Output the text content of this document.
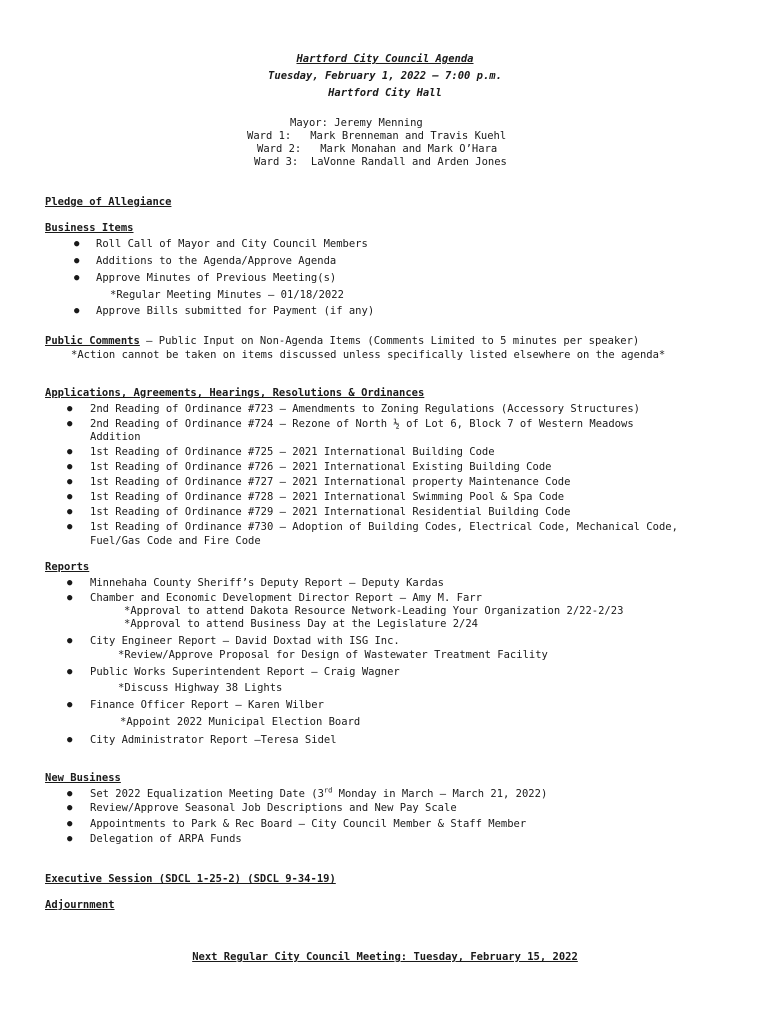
Hartford City Council Agenda
Tuesday, February 1, 2022 – 7:00 p.m.
Hartford City Hall
Mayor: Jeremy Menning
Ward 1:   Mark Brenneman and Travis Kuehl
Ward 2:   Mark Monahan and Mark O’Hara
Ward 3:  LaVonne Randall and Arden Jones
Pledge of Allegiance
Business Items
● Roll Call of Mayor and City Council Members
● Additions to the Agenda/Approve Agenda
● Approve Minutes of Previous Meeting(s)
*Regular Meeting Minutes – 01/18/2022
● Approve Bills submitted for Payment (if any)
Public Comments – Public Input on Non-Agenda Items (Comments Limited to 5 minutes per speaker)
*Action cannot be taken on items discussed unless specifically listed elsewhere on the agenda*
Applications, Agreements, Hearings, Resolutions & Ordinances
● 2nd Reading of Ordinance #723 – Amendments to Zoning Regulations (Accessory Structures)
● 2nd Reading of Ordinance #724 – Rezone of North ½ of Lot 6, Block 7 of Western Meadows
Addition
● 1st Reading of Ordinance #725 – 2021 International Building Code
● 1st Reading of Ordinance #726 – 2021 International Existing Building Code
● 1st Reading of Ordinance #727 – 2021 International property Maintenance Code
● 1st Reading of Ordinance #728 – 2021 International Swimming Pool & Spa Code
● 1st Reading of Ordinance #729 – 2021 International Residential Building Code
● 1st Reading of Ordinance #730 – Adoption of Building Codes, Electrical Code, Mechanical Code,
Fuel/Gas Code and Fire Code
Reports
● Minnehaha County Sheriff’s Deputy Report – Deputy Kardas
● Chamber and Economic Development Director Report – Amy M. Farr
*Approval to attend Dakota Resource Network-Leading Your Organization 2/22-2/23
*Approval to attend Business Day at the Legislature 2/24
● City Engineer Report – David Doxtad with ISG Inc.
*Review/Approve Proposal for Design of Wastewater Treatment Facility
● Public Works Superintendent Report – Craig Wagner
*Discuss Highway 38 Lights
● Finance Officer Report – Karen Wilber
*Appoint 2022 Municipal Election Board
● City Administrator Report –Teresa Sidel
New Business
● Set 2022 Equalization Meeting Date (3rd Monday in March – March 21, 2022)
● Review/Approve Seasonal Job Descriptions and New Pay Scale
● Appointments to Park & Rec Board – City Council Member & Staff Member
● Delegation of ARPA Funds
Executive Session (SDCL 1-25-2) (SDCL 9-34-19)
Adjournment
Next Regular City Council Meeting: Tuesday, February 15, 2022
